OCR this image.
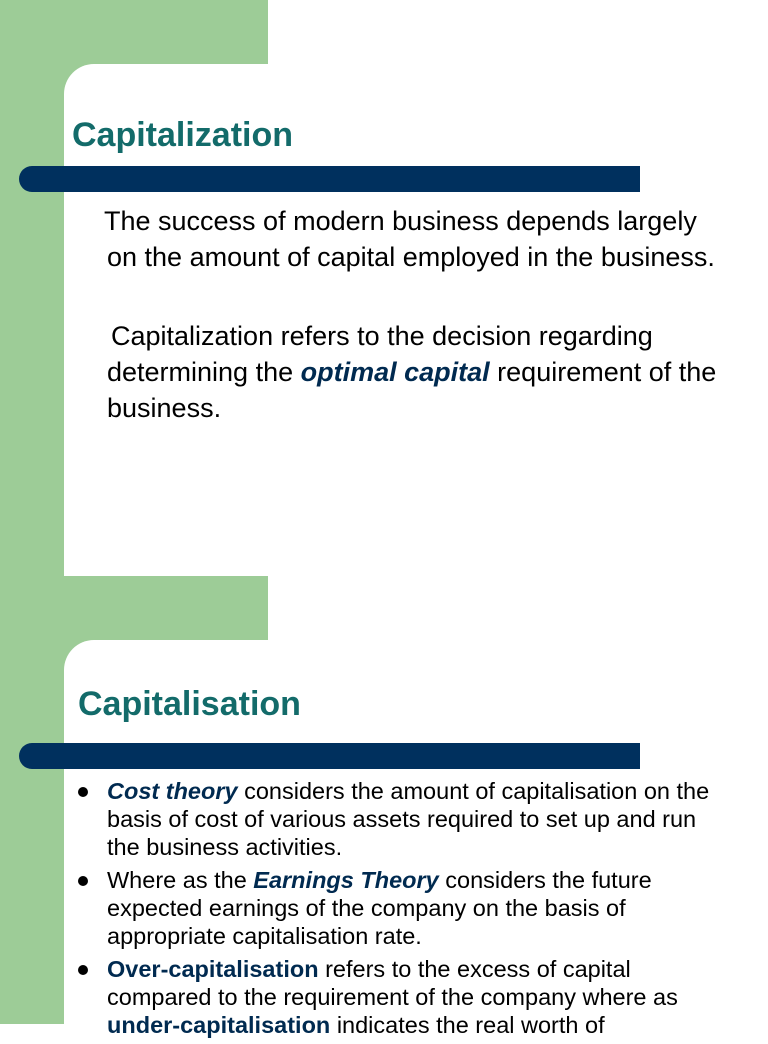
Capitalization

The success of modern business depends largely on the amount of capital employed in the business.

Capitalization refers to the decision regarding determining the optimal capital requirement of the business.

Capitalisation
Cost theory considers the amount of capitalisation on the basis of cost of various assets required to set up and run the business activities.
Where as the Earnings Theory considers the future expected earnings of the company on the basis of appropriate capitalisation rate.
Over-capitalisation refers to the excess of capital compared to the requirement of the company where as under-capitalisation indicates the real worth of
